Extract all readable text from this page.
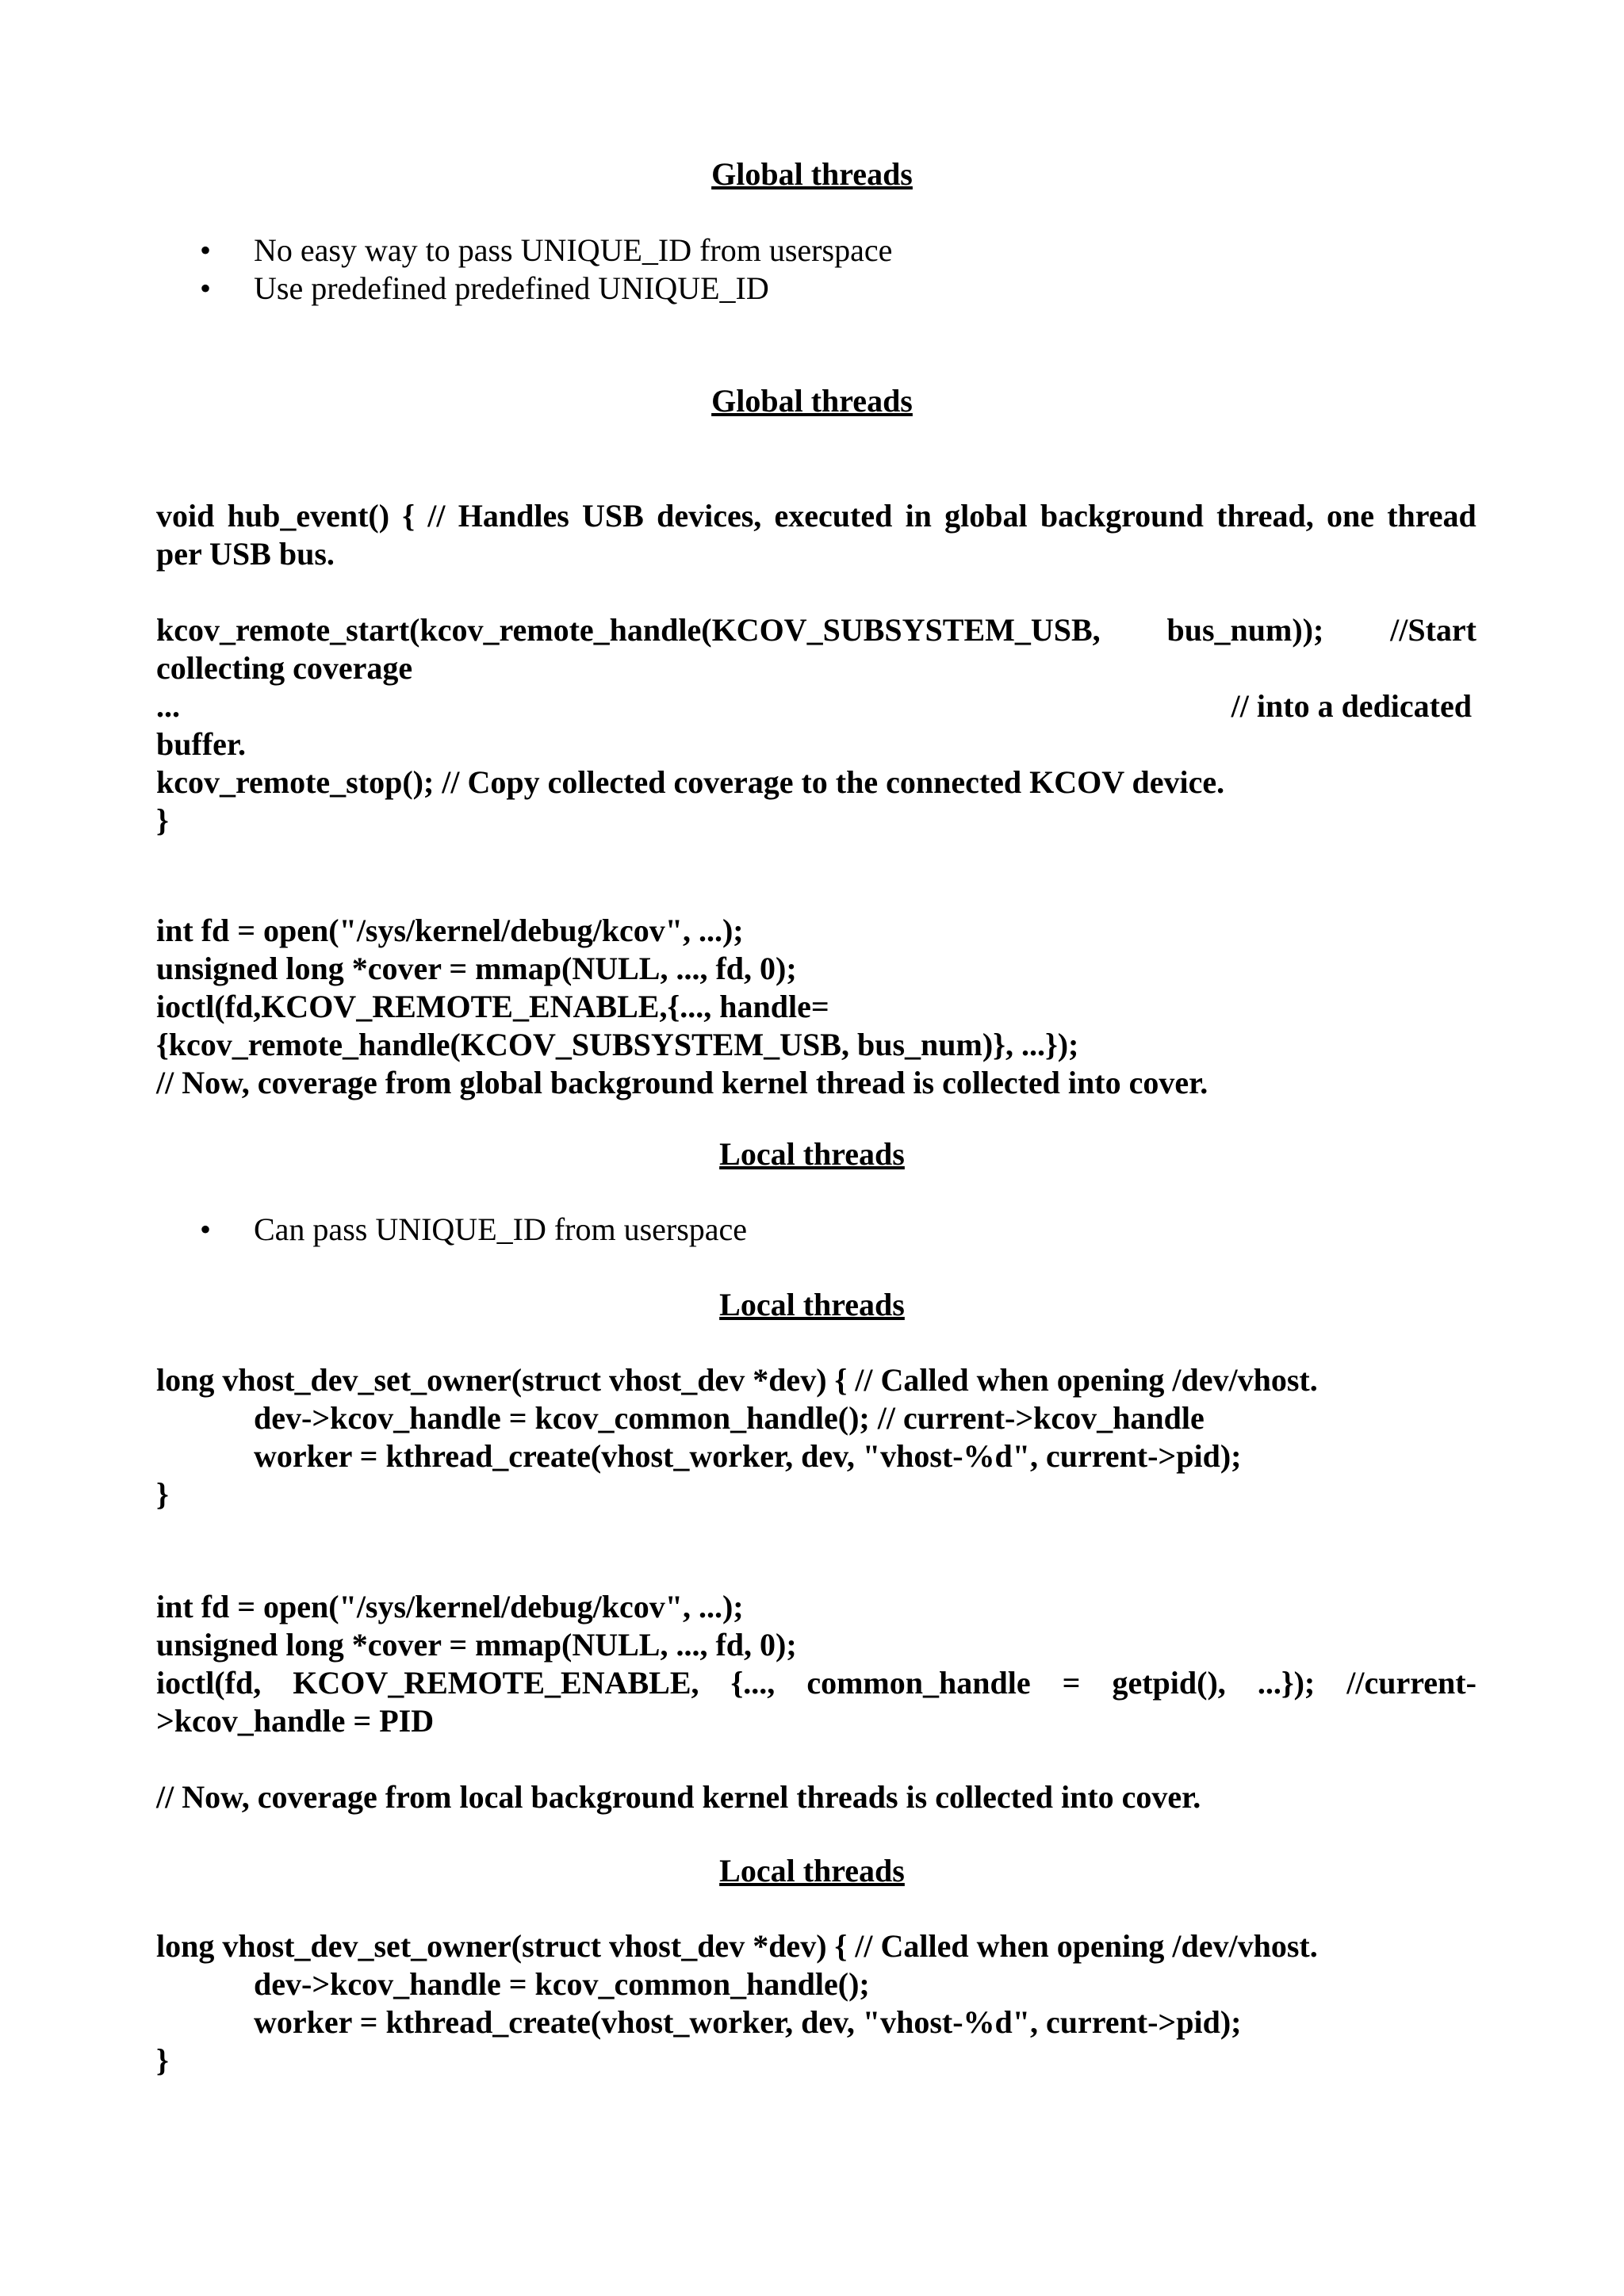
Global threads
•	No easy way to pass UNIQUE_ID from userspace
•	Use predefined predefined UNIQUE_ID
Global threads
void hub_event() { // Handles USB devices, executed in global background thread, one thread
per USB bus.
kcov_remote_start(kcov_remote_handle(KCOV_SUBSYSTEM_USB, bus_num)); //Start
collecting coverage
...	// into a dedicated
buffer.
kcov_remote_stop(); // Copy collected coverage to the connected KCOV device.
}
int fd = open("/sys/kernel/debug/kcov", ...);
unsigned long *cover = mmap(NULL, ..., fd, 0);
ioctl(fd,KCOV_REMOTE_ENABLE,{..., handle=
{kcov_remote_handle(KCOV_SUBSYSTEM_USB, bus_num)}, ...});
// Now, coverage from global background kernel thread is collected into cover.
Local threads
•	Can pass UNIQUE_ID from userspace
Local threads
long vhost_dev_set_owner(struct vhost_dev *dev) { // Called when opening /dev/vhost.
dev->kcov_handle = kcov_common_handle(); // current->kcov_handle
worker = kthread_create(vhost_worker, dev, "vhost-%d", current->pid);
}
int fd = open("/sys/kernel/debug/kcov", ...);
unsigned long *cover = mmap(NULL, ..., fd, 0);
ioctl(fd, KCOV_REMOTE_ENABLE, {..., common_handle = getpid(), ...}); //current-
>kcov_handle = PID
// Now, coverage from local background kernel threads is collected into cover.
Local threads
long vhost_dev_set_owner(struct vhost_dev *dev) { // Called when opening /dev/vhost.
dev->kcov_handle = kcov_common_handle();
worker = kthread_create(vhost_worker, dev, "vhost-%d", current->pid);
}
